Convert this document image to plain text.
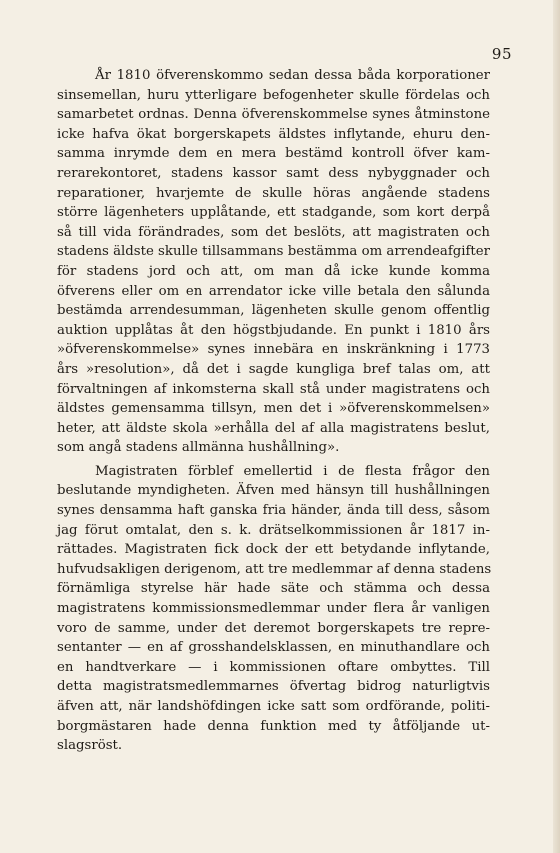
95
År 1810 öfverenskommo sedan dessa båda korporationer
sinsemellan, huru ytterligare befogenheter skulle fördelas och
samarbetet ordnas. Denna öfverenskommelse synes åtminstone
icke hafva ökat borgerskapets äldstes inflytande, ehuru den-
samma inrymde dem en mera bestämd kontroll öfver kam-
rerarekontoret, stadens kassor samt dess nybyggnader och
reparationer, hvarjemte de skulle höras angående stadens
större lägenheters upplåtande, ett stadgande, som kort derpå
så till vida förändrades, som det beslöts, att magistraten och
stadens äldste skulle tillsammans bestämma om arrendeafgifter
för stadens jord och att, om man då icke kunde komma
öfverens eller om en arrendator icke ville betala den sålunda
bestämda arrendesumman, lägenheten skulle genom offentlig
auktion upplåtas åt den högstbjudande. En punkt i 1810 års
»öfverenskommelse» synes innebära en inskränkning i 1773
års »resolution», då det i sagde kungliga bref talas om, att
förvaltningen af inkomsterna skall stå under magistratens och
äldstes gemensamma tillsyn, men det i »öfverenskommelsen»
heter, att äldste skola »erhålla del af alla magistratens beslut,
som angå stadens allmänna hushållning».
Magistraten förblef emellertid i de flesta frågor den
beslutande myndigheten. Äfven med hänsyn till hushållningen
synes densamma haft ganska fria händer, ända till dess, såsom
jag förut omtalat, den s. k. drätselkommissionen år 1817 in-
rättades. Magistraten fick dock der ett betydande inflytande,
hufvudsakligen derigenom, att tre medlemmar af denna stadens
förnämliga styrelse här hade säte och stämma och dessa
magistratens kommissionsmedlemmar under flera år vanligen
voro de samme, under det deremot borgerskapets tre repre-
sentanter — en af grosshandelsklassen, en minuthandlare och
en handtverkare — i kommissionen oftare ombyttes. Till
detta magistratsmedlemmarnes öfvertag bidrog naturligtvis
äfven att, när landshöfdingen icke satt som ordförande, politi-
borgmästaren hade denna funktion med ty åtföljande ut-
slagsröst.
